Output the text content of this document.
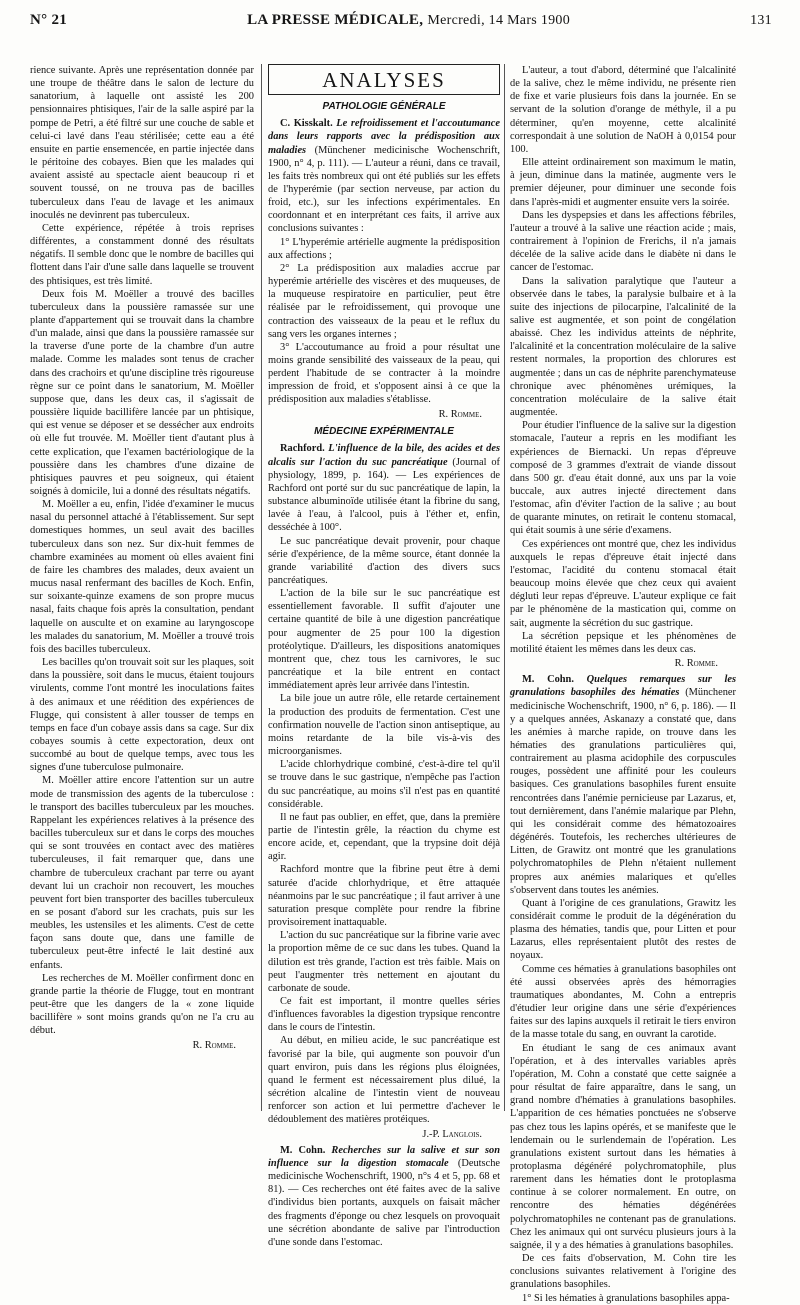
N° 21	LA PRESSE MÉDICALE, Mercredi, 14 Mars 1900	131

rience suivante. Après une représentation donnée par une troupe de théâtre dans le salon de lecture du sanatorium, à laquelle ont assisté les 200 pensionnaires phtisiques, l'air de la salle aspiré par la pompe de Petri, a été filtré sur une couche de sable et celui-ci lavé dans l'eau stérilisée; cette eau a été ensuite en partie ensemencée, en partie injectée dans le péritoine des cobayes. Bien que les malades qui avaient assisté au spectacle aient beaucoup ri et souvent toussé, on ne trouva pas de bacilles tuberculeux dans l'eau de lavage et les animaux inoculés ne devinrent pas tuberculeux.

Cette expérience, répétée à trois reprises différentes, a constamment donné des résultats négatifs. Il semble donc que le nombre de bacilles qui flottent dans l'air d'une salle dans laquelle se trouvent des phtisiques, est très limité.

Deux fois M. Moëller a trouvé des bacilles tuberculeux dans la poussière ramassée sur une plante d'appartement qui se trouvait dans la chambre d'un malade, ainsi que dans la poussière ramassée sur la traverse d'une porte de la chambre d'un autre malade. Comme les malades sont tenus de cracher dans des crachoirs et qu'une discipline très rigoureuse règne sur ce point dans le sanatorium, M. Moëller suppose que, dans les deux cas, il s'agissait de poussière liquide bacillifère lancée par un phtisique, qui est venue se déposer et se dessécher aux endroits où elle fut trouvée. M. Moëller tient d'autant plus à cette explication, que l'examen bactériologique de la poussière dans les chambres d'une dizaine de phtisiques pauvres et peu soigneux, qui étaient soignés à domicile, lui a donné des résultats négatifs.

M. Moëller a eu, enfin, l'idée d'examiner le mucus nasal du personnel attaché à l'établissement. Sur sept domestiques hommes, un seul avait des bacilles tuberculeux dans son nez. Sur dix-huit femmes de chambre examinées au moment où elles avaient fini de faire les chambres des malades, deux avaient un mucus nasal renfermant des bacilles de Koch. Enfin, sur soixante-quinze examens de son propre mucus nasal, faits chaque fois après la consultation, pendant laquelle on ausculte et on examine au laryngoscope les malades du sanatorium, M. Moëller a trouvé trois fois des bacilles tuberculeux.

Les bacilles qu'on trouvait soit sur les plaques, soit dans la poussière, soit dans le mucus, étaient toujours virulents, comme l'ont montré les inoculations faites à des animaux et une réédition des expériences de Flugge, qui consistent à aller tousser de temps en temps en face d'un cobaye assis dans sa cage. Sur dix cobayes soumis à cette expectoration, deux ont succombé au bout de quelque temps, avec tous les signes d'une tuberculose pulmonaire.

M. Moëller attire encore l'attention sur un autre mode de transmission des agents de la tuberculose : le transport des bacilles tuberculeux par les mouches. Rappelant les expériences relatives à la présence des bacilles tuberculeux sur et dans le corps des mouches qui se sont trouvées en contact avec des matières tuberculeuses, il fait remarquer que, dans une chambre de tuberculeux crachant par terre ou ayant devant lui un crachoir non recouvert, les mouches peuvent fort bien transporter des bacilles tuberculeux en se posant d'abord sur les crachats, puis sur les meubles, les ustensiles et les aliments. C'est de cette façon sans doute que, dans une famille de tuberculeux peut-être infecté le lait destiné aux enfants.

Les recherches de M. Moëller confirment donc en grande partie la théorie de Flugge, tout en montrant peut-être que les dangers de la « zone liquide bacillifère » sont moins grands qu'on ne l'a cru au début.

R. Romme.
ANALYSES
PATHOLOGIE GÉNÉRALE

C. Kisskalt. Le refroidissement et l'accoutumance dans leurs rapports avec la prédisposition aux maladies (Münchener medicinische Wochenschrift, 1900, n° 4, p. 111). — L'auteur a réuni, dans ce travail, les faits très nombreux qui ont été publiés sur les effets de l'hyperémie (par section nerveuse, par action du froid, etc.), sur les infections expérimentales. En coordonnant et en interprétant ces faits, il arrive aux conclusions suivantes :

1° L'hyperémie artérielle augmente la prédisposition aux affections ;

2° La prédisposition aux maladies accrue par hyperémie artérielle des viscères et des muqueuses, de la muqueuse respiratoire en particulier, peut être réalisée par le refroidissement, qui provoque une contraction des vaisseaux de la peau et le reflux du sang vers les organes internes ;

3° L'accoutumance au froid a pour résultat une moins grande sensibilité des vaisseaux de la peau, qui perdent l'habitude de se contracter à la moindre impression de froid, et s'opposent ainsi à ce que la prédisposition aux maladies s'établisse.

R. Romme.
MÉDECINE EXPÉRIMENTALE

Rachford. L'influence de la bile, des acides et des alcalis sur l'action du suc pancréatique (Journal of physiology, 1899, p. 164). — Les expériences de Rachford ont porté sur du suc pancréatique de lapin, la substance albuminoïde utilisée étant la fibrine du sang, lavée à l'eau, à l'alcool, puis à l'éther et, enfin, desséchée à 100°.

Le suc pancréatique devait provenir, pour chaque série d'expérience, de la même source, étant donnée la grande variabilité d'action des divers sucs pancréatiques.

L'action de la bile sur le suc pancréatique est essentiellement favorable. Il suffit d'ajouter une certaine quantité de bile à une digestion pancréatique pour augmenter de 25 pour 100 la digestion protéolytique. D'ailleurs, les dispositions anatomiques montrent que, chez tous les carnivores, le suc pancréatique et la bile entrent en contact immédiatement après leur arrivée dans l'intestin.

La bile joue un autre rôle, elle retarde certainement la production des produits de fermentation. C'est une confirmation nouvelle de l'action sinon antiseptique, au moins retardante de la bile vis-à-vis des microorganismes.

L'acide chlorhydrique combiné, c'est-à-dire tel qu'il se trouve dans le suc gastrique, n'empêche pas l'action du suc pancréatique, au moins s'il n'est pas en quantité considérable.

Il ne faut pas oublier, en effet, que, dans la première partie de l'intestin grêle, la réaction du chyme est encore acide, et, cependant, que la trypsine doit déjà agir.

Rachford montre que la fibrine peut être à demi saturée d'acide chlorhydrique, et être attaquée néanmoins par le suc pancréatique ; il faut arriver à une saturation presque complète pour rendre la fibrine provisoirement inattaquable.

L'action du suc pancréatique sur la fibrine varie avec la proportion même de ce suc dans les tubes. Quand la dilution est très grande, l'action est très faible. Mais on peut l'augmenter très nettement en ajoutant du carbonate de soude.

Ce fait est important, il montre quelles séries d'influences favorables la digestion trypsique rencontre dans le cours de l'intestin.

Au début, en milieu acide, le suc pancréatique est favorisé par la bile, qui augmente son pouvoir d'un quart environ, puis dans les régions plus éloignées, quand le ferment est nécessairement plus dilué, la sécrétion alcaline de l'intestin vient de nouveau renforcer son action et lui permettre d'achever le dédoublement des matières protéiques.

J.-P. Langlois.

M. Cohn. Recherches sur la salive et sur son influence sur la digestion stomacale (Deutsche medicinische Wochenschrift, 1900, n°s 4 et 5, pp. 68 et 81). — Ces recherches ont été faites avec de la salive d'individus bien portants, auxquels on faisait mâcher des fragments d'éponge ou chez lesquels on provoquait une sécrétion abondante de salive par l'introduction d'une sonde dans l'estomac.

L'auteur, a tout d'abord, déterminé que l'alcalinité de la salive, chez le même individu, ne présente rien de fixe et varie plusieurs fois dans la journée. En se servant de la solution d'orange de méthyle, il a pu déterminer, qu'en moyenne, cette alcalinité correspondait à une solution de NaOH à 0,0154 pour 100.

Elle atteint ordinairement son maximum le matin, à jeun, diminue dans la matinée, augmente vers le premier déjeuner, pour diminuer une seconde fois dans l'après-midi et augmenter ensuite vers la soirée.

Dans les dyspepsies et dans les affections fébriles, l'auteur a trouvé à la salive une réaction acide ; mais, contrairement à l'opinion de Frerichs, il n'a jamais décelée de la salive acide dans le diabète ni dans le cancer de l'estomac.

Dans la salivation paralytique que l'auteur a observée dans le tabes, la paralysie bulbaire et à la suite des injections de pilocarpine, l'alcalinité de la salive est augmentée, et son point de congélation abaissé. Chez les individus atteints de néphrite, l'alcalinité et la concentration moléculaire de la salive restent normales, la proportion des chlorures est augmentée ; dans un cas de néphrite parenchymateuse chronique avec phénomènes urémiques, la concentration moléculaire de la salive était augmentée.

Pour étudier l'influence de la salive sur la digestion stomacale, l'auteur a repris en les modifiant les expériences de Biernacki. Un repas d'épreuve composé de 3 grammes d'extrait de viande dissout dans 500 gr. d'eau était donné, aux uns par la voie buccale, aux autres injecté directement dans l'estomac, afin d'éviter l'action de la salive ; au bout de quarante minutes, on retirait le contenu stomacal, qui était soumis à une série d'examens.

Ces expériences ont montré que, chez les individus auxquels le repas d'épreuve était injecté dans l'estomac, l'acidité du contenu stomacal était beaucoup moins élevée que chez ceux qui avaient dégluti leur repas d'épreuve. L'auteur explique ce fait par le phénomène de la mastication qui, comme on sait, augmente la sécrétion du suc gastrique.

La sécrétion pepsique et les phénomènes de motilité étaient les mêmes dans les deux cas.

R. Romme.

M. Cohn. Quelques remarques sur les granulations basophiles des hématies (Münchener medicinische Wochenschrift, 1900, n° 6, p. 186). — Il y a quelques années, Askanazy a constaté que, dans les anémies à marche rapide, on trouve dans les hématies des granulations particulières qui, contrairement au plasma acidophile des corpuscules rouges, possèdent une affinité pour les couleurs basiques. Ces granulations basophiles furent ensuite rencontrées dans l'anémie pernicieuse par Lazarus, et, tout dernièrement, dans l'anémie malarique par Plehn, qui les considérait comme des hématozoaires dégénérés. Toutefois, les recherches ultérieures de Litten, de Grawitz ont montré que les granulations polychromatophiles de Plehn n'étaient nullement propres aux anémies malariques et qu'elles s'observent dans toutes les anémies.

Quant à l'origine de ces granulations, Grawitz les considérait comme le produit de la dégénération du plasma des hématies, tandis que, pour Litten et pour Lazarus, elles représentaient plutôt des restes de noyaux.

Comme ces hématies à granulations basophiles ont été aussi observées après des hémorragies traumatiques abondantes, M. Cohn a entrepris d'étudier leur origine dans une série d'expériences faites sur des lapins auxquels il retirait le tiers environ de la masse totale du sang, en ouvrant la carotide.

En étudiant le sang de ces animaux avant l'opération, et à des intervalles variables après l'opération, M. Cohn a constaté que cette saignée a pour résultat de faire apparaître, dans le sang, un grand nombre d'hématies à granulations basophiles. L'apparition de ces hématies ponctuées ne s'observe pas chez tous les lapins opérés, et se manifeste que le lendemain ou le surlendemain de l'opération. Les granulations existent surtout dans les hématies à protoplasma dégénéré polychromatophile, plus rarement dans les hématies dont le protoplasma continue à se colorer normalement. En outre, on rencontre des hématies dégénérées polychromatophiles ne contenant pas de granulations. Chez les animaux qui ont survécu plusieurs jours à la saignée, il y a des hématies à granulations basophiles.

De ces faits d'observation, M. Cohn tire les conclusions suivantes relativement à l'origine des granulations basophiles.

1° Si les hématies à granulations basophiles appa-
